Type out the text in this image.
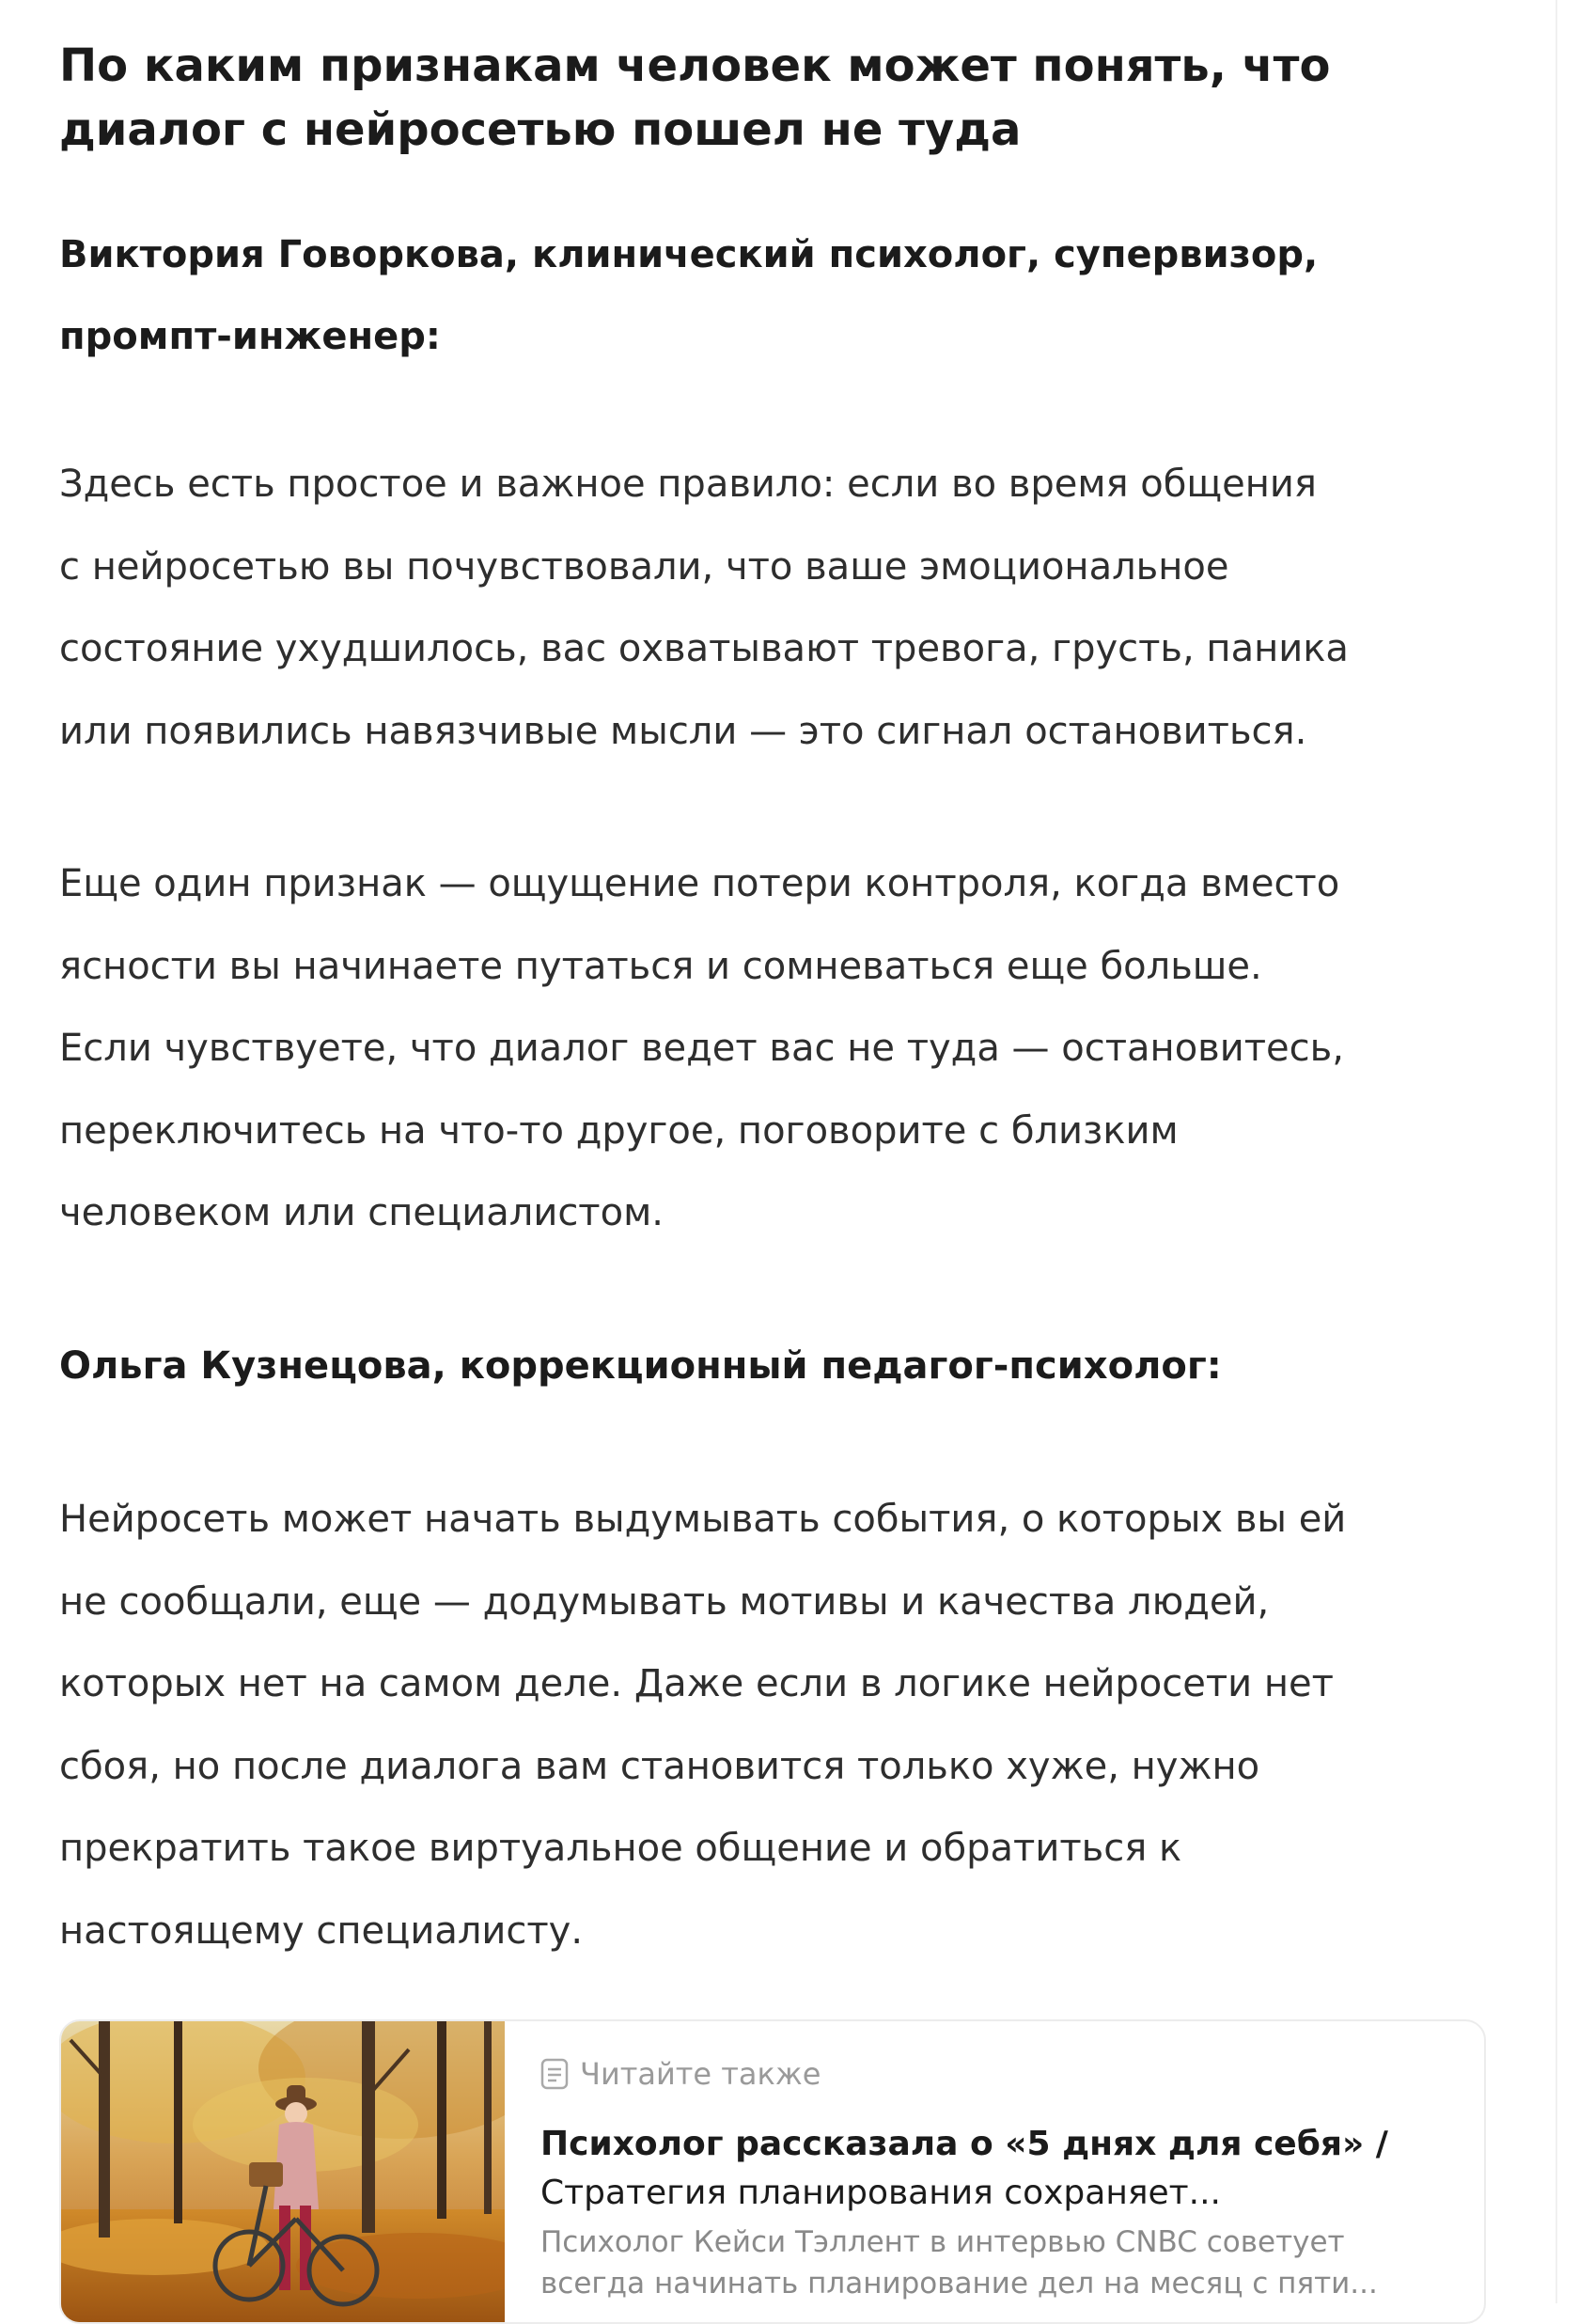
По каким признакам человек может понять, что
диалог с нейросетью пошел не туда

Виктория Говоркова, клинический психолог, супервизор,
промпт-инженер:

Здесь есть простое и важное правило: если во время общения
с нейросетью вы почувствовали, что ваше эмоциональное
состояние ухудшилось, вас охватывают тревога, грусть, паника
или появились навязчивые мысли — это сигнал остановиться.

Еще один признак — ощущение потери контроля, когда вместо
ясности вы начинаете путаться и сомневаться еще больше.
Если чувствуете, что диалог ведет вас не туда — остановитесь,
переключитесь на что-то другое, поговорите с близким
человеком или специалистом.

Ольга Кузнецова, коррекционный педагог-психолог:

Нейросеть может начать выдумывать события, о которых вы ей
не сообщали, еще — додумывать мотивы и качества людей,
которых нет на самом деле. Даже если в логике нейросети нет
сбоя, но после диалога вам становится только хуже, нужно
прекратить такое виртуальное общение и обратиться к
настоящему специалисту.

Читайте также
Психолог рассказала о «5 днях для себя» /
Стратегия планирования сохраняет...
Психолог Кейси Тэллент в интервью CNBC советует
всегда начинать планирование дел на месяц с пяти...
